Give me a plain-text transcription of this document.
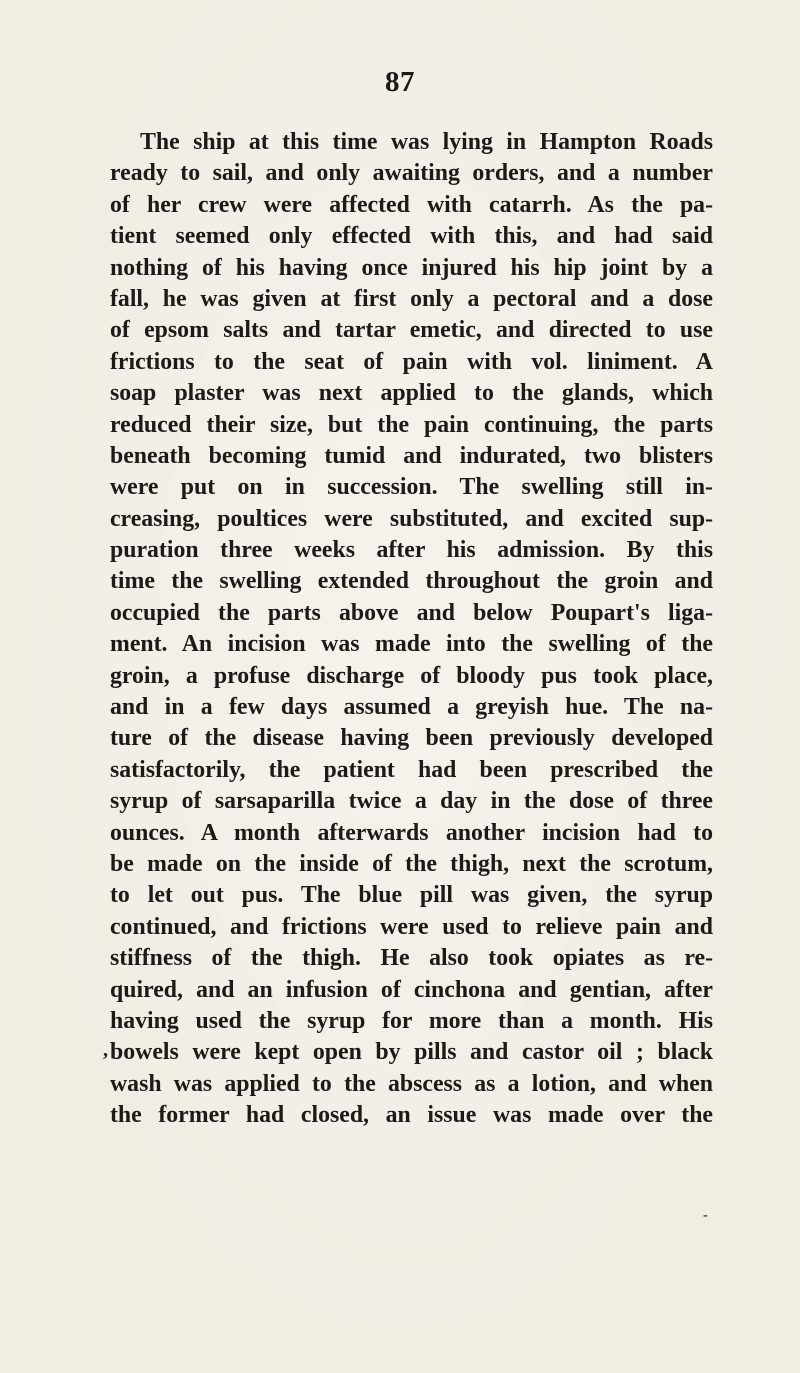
87
The ship at this time was lying in Hampton Roads
ready to sail, and only awaiting orders, and a number
of her crew were affected with catarrh. As the pa-
tient seemed only effected with this, and had said
nothing of his having once injured his hip joint by a
fall, he was given at first only a pectoral and a dose
of epsom salts and tartar emetic, and directed to use
frictions to the seat of pain with vol. liniment. A
soap plaster was next applied to the glands, which
reduced their size, but the pain continuing, the parts
beneath becoming tumid and indurated, two blisters
were put on in succession. The swelling still in-
creasing, poultices were substituted, and excited sup-
puration three weeks after his admission. By this
time the swelling extended throughout the groin and
occupied the parts above and below Poupart's liga-
ment. An incision was made into the swelling of the
groin, a profuse discharge of bloody pus took place,
and in a few days assumed a greyish hue. The na-
ture of the disease having been previously developed
satisfactorily, the patient had been prescribed the
syrup of sarsaparilla twice a day in the dose of three
ounces. A month afterwards another incision had to
be made on the inside of the thigh, next the scrotum,
to let out pus. The blue pill was given, the syrup
continued, and frictions were used to relieve pain and
stiffness of the thigh. He also took opiates as re-
quired, and an infusion of cinchona and gentian, after
having used the syrup for more than a month. His
bowels were kept open by pills and castor oil ; black
wash was applied to the abscess as a lotion, and when
the former had closed, an issue was made over the
,
-
